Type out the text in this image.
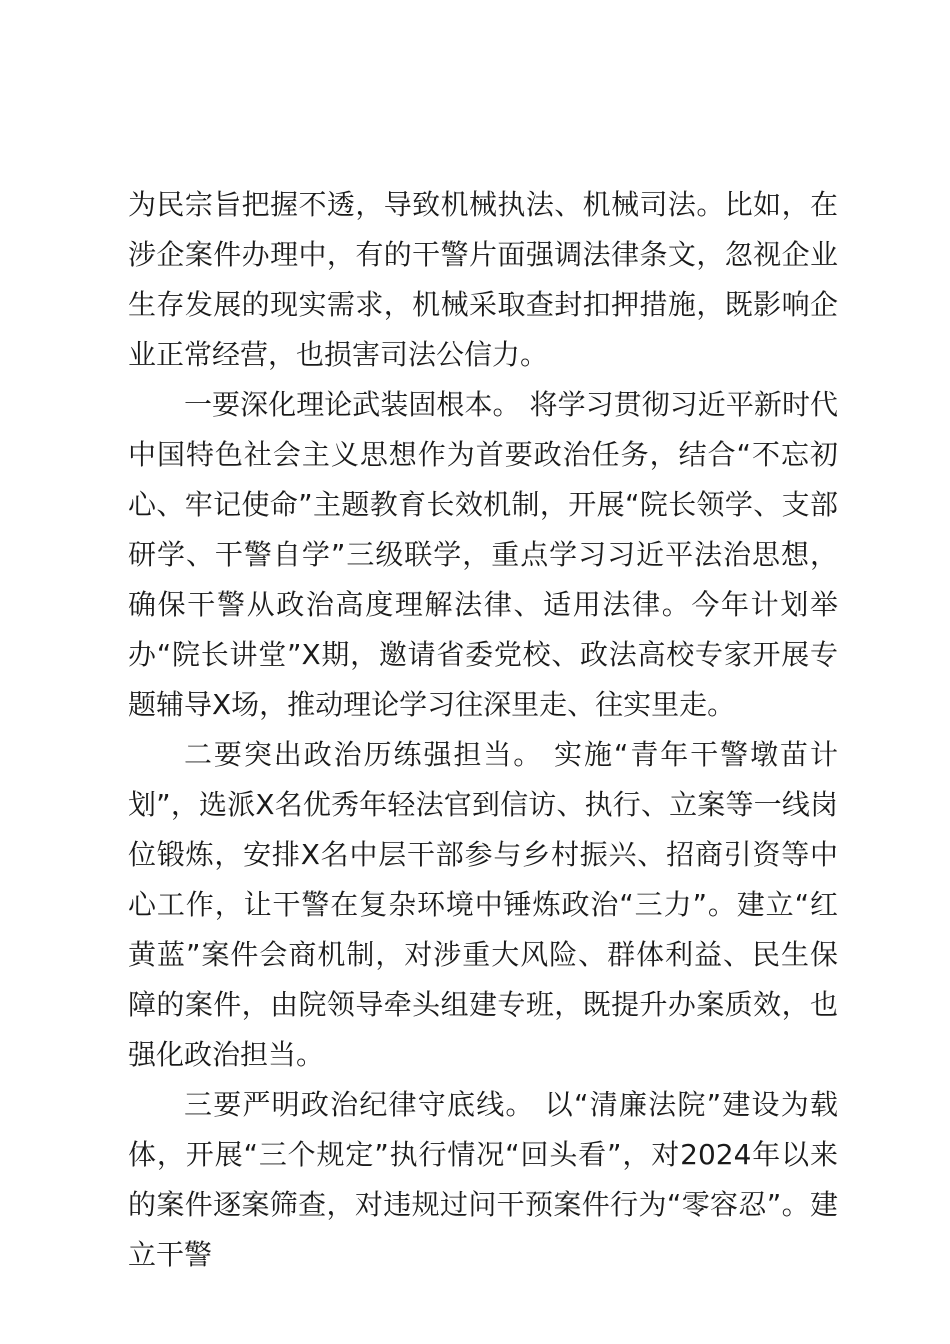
为民宗旨把握不透，导致机械执法、机械司法。比如，在涉企案件办理中，有的干警片面强调法律条文，忽视企业生存发展的现实需求，机械采取查封扣押措施，既影响企业正常经营，也损害司法公信力。

一要深化理论武装固根本。 将学习贯彻习近平新时代中国特色社会主义思想作为首要政治任务，结合“不忘初心、牢记使命”主题教育长效机制，开展“院长领学、支部研学、干警自学”三级联学，重点学习习近平法治思想，确保干警从政治高度理解法律、适用法律。今年计划举办“院长讲堂”X期，邀请省委党校、政法高校专家开展专题辅导X场，推动理论学习往深里走、往实里走。

二要突出政治历练强担当。 实施“青年干警墩苗计划”，选派X名优秀年轻法官到信访、执行、立案等一线岗位锻炼，安排X名中层干部参与乡村振兴、招商引资等中心工作，让干警在复杂环境中锤炼政治“三力”。建立“红黄蓝”案件会商机制，对涉重大风险、群体利益、民生保障的案件，由院领导牵头组建专班，既提升办案质效，也强化政治担当。

三要严明政治纪律守底线。 以“清廉法院”建设为载体，开展“三个规定”执行情况“回头看”，对2024年以来的案件逐案筛查，对违规过问干预案件行为“零容忍”。建立干警
